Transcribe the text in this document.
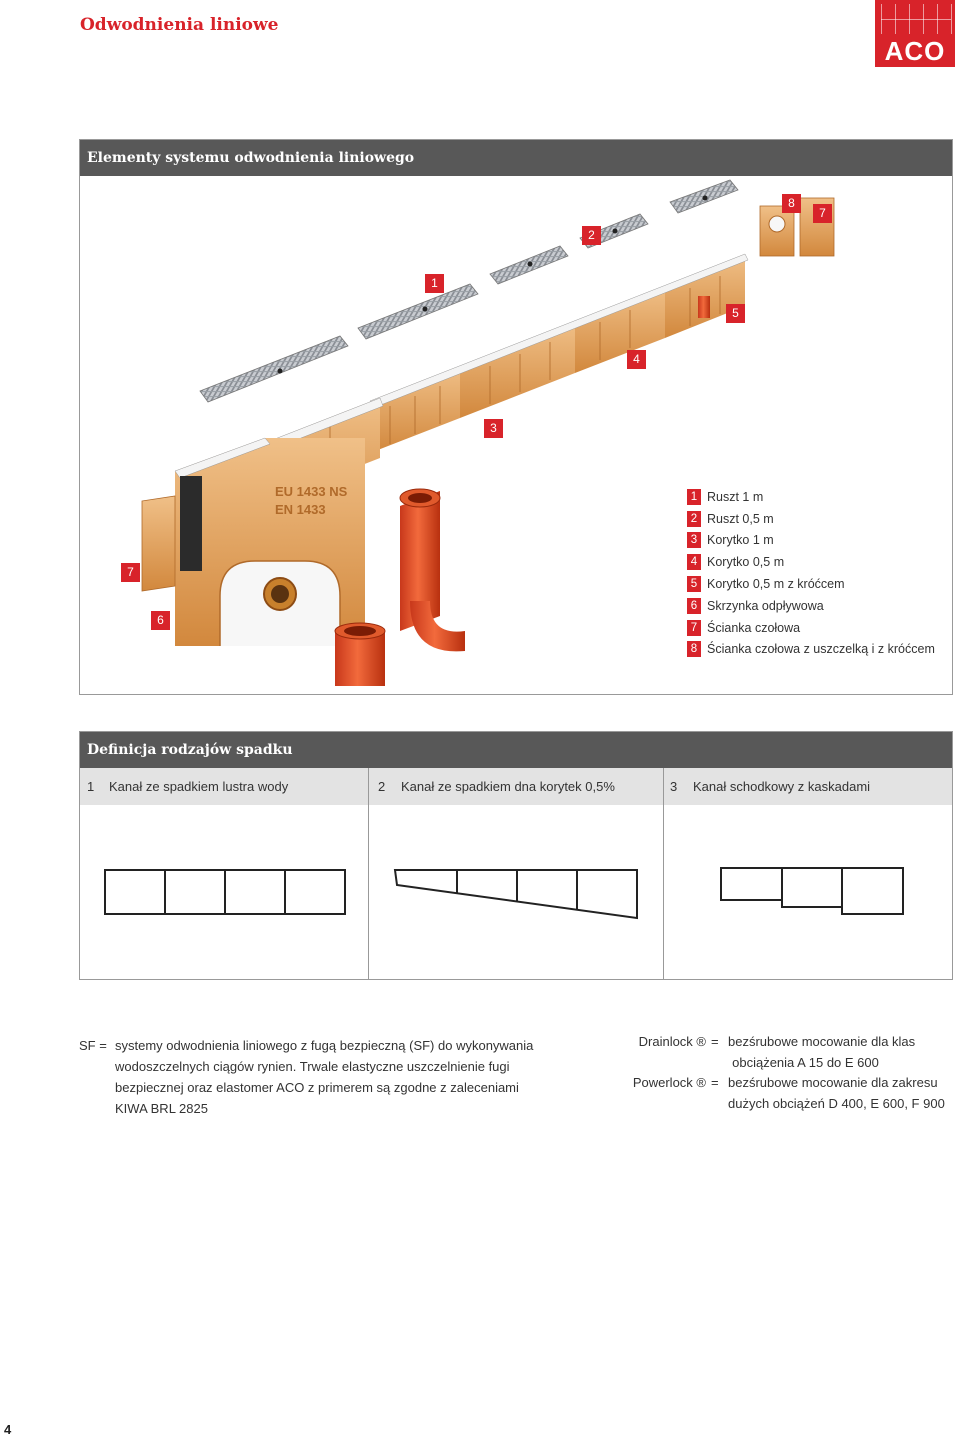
Odwodnienia liniowe
ACO
Elementy systemu odwodnienia liniowego
EU 1433 NS
EN 1433
8
7
2
1
5
4
3
7
6
1 Ruszt 1 m
2 Ruszt 0,5 m
3 Korytko 1 m
4 Korytko 0,5 m
5 Korytko 0,5 m z króćcem
6 Skrzynka odpływowa
7 Ścianka czołowa
8 Ścianka czołowa z uszczelką i z króćcem
Definicja rodzajów spadku
1 Kanał ze spadkiem lustra wody	2 Kanał ze spadkiem dna korytek 0,5%	3 Kanał schodkowy z kaskadami
SF = systemy odwodnienia liniowego z fugą bezpieczną (SF) do wykonywania
wodoszczelnych ciągów rynien. Trwale elastyczne uszczelnienie fugi
bezpiecznej oraz elastomer ACO z primerem są zgodne z zaleceniami
KIWA BRL 2825
Drainlock ® = bezśrubowe mocowanie dla klas
obciążenia A 15 do E 600
Powerlock ® = bezśrubowe mocowanie dla zakresu
dużych obciążeń D 400, E 600, F 900
4
